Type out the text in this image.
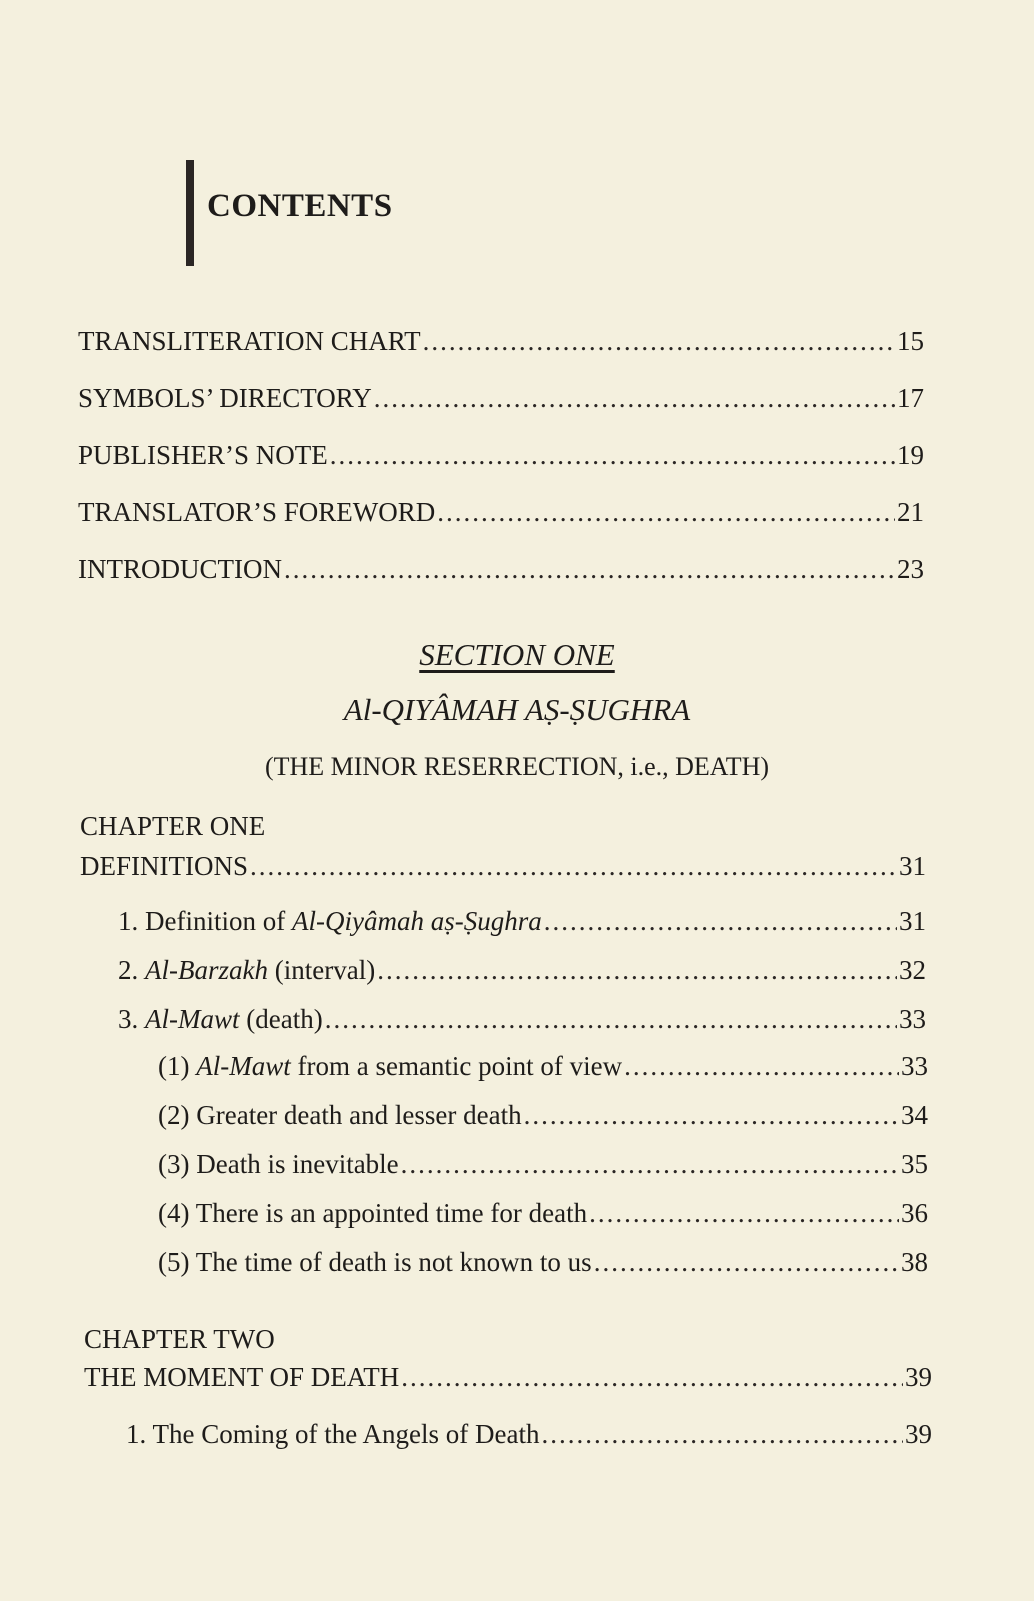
CONTENTS
TRANSLITERATION CHART .....	15
SYMBOLS’ DIRECTORY .....	17
PUBLISHER’S NOTE .....	19
TRANSLATOR’S FOREWORD .....	21
INTRODUCTION .....	23
SECTION ONE
Al-QIYÂMAH AṢ-ṢUGHRA
(THE MINOR RESERRECTION, i.e., DEATH)
CHAPTER ONE
DEFINITIONS .....	31
1. Definition of Al-Qiyâmah aṣ-Ṣughra .....	31
2. Al-Barzakh (interval) .....	32
3. Al-Mawt (death) .....	33
(1) Al-Mawt from a semantic point of view .....	33
(2) Greater death and lesser death .....	34
(3) Death is inevitable .....	35
(4) There is an appointed time for death .....	36
(5) The time of death is not known to us .....	38
CHAPTER TWO
THE MOMENT OF DEATH .....	39
1. The Coming of the Angels of Death .....	39
